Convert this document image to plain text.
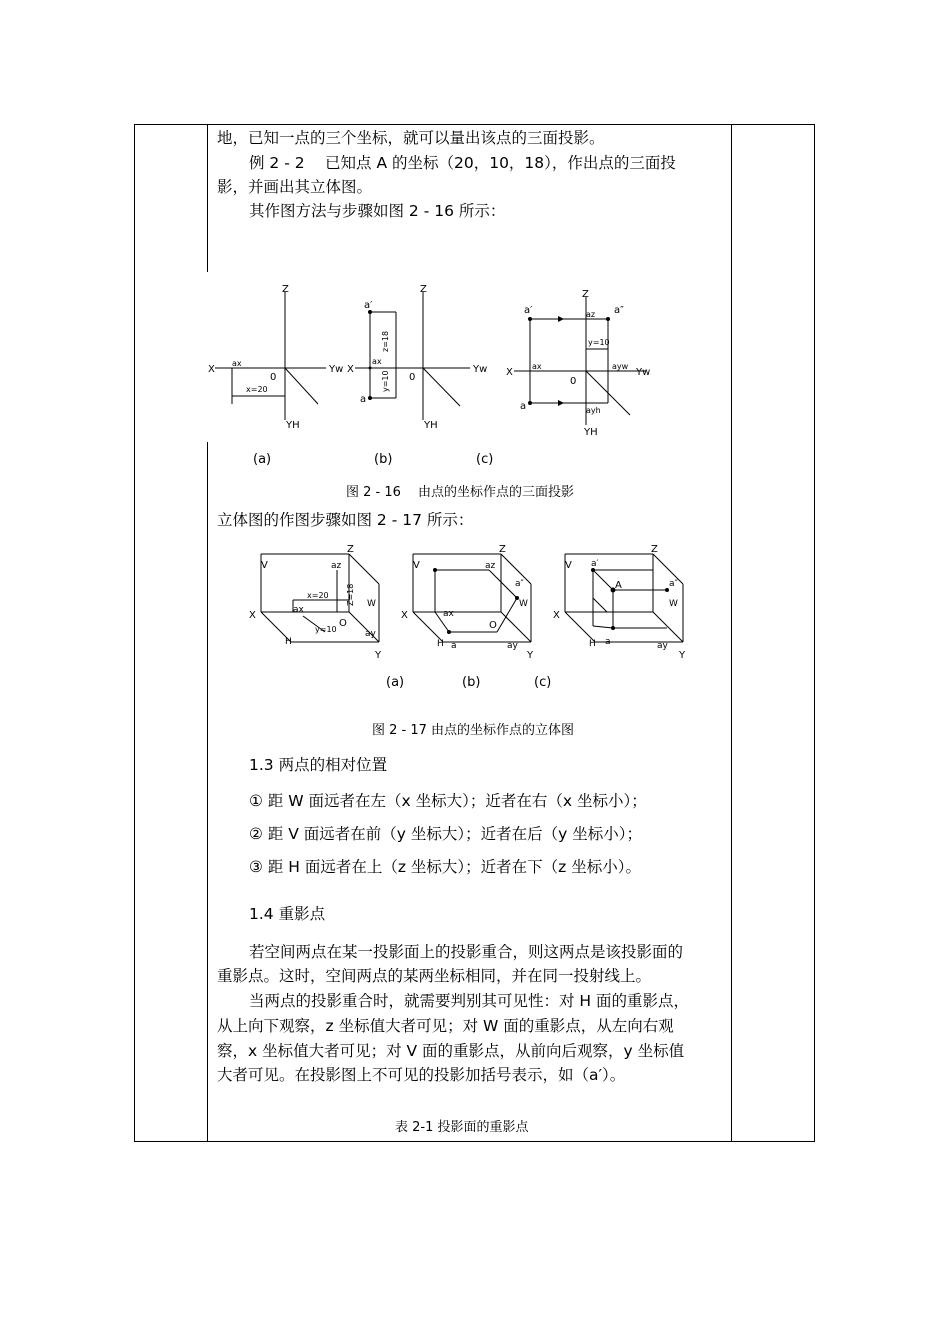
地，已知一点的三个坐标，就可以量出该点的三面投影。
例 2 - 2　 已知点 A 的坐标（20，10，18），作出点的三面投
影，并画出其立体图。
其作图方法与步骤如图 2 - 16 所示：
Z
X	Yw
YH
0
ax
x=20
Z
X	Yw
YH
0
a′
ax
a
z=18
y=10
Z
X	Yw
YH
0
a′	a″
az
ax
a
ayw
ayh
y=10
(a)	(b)	(c)
图 2 - 16　 由点的坐标作点的三面投影
立体图的作图步骤如图 2 - 17 所示：
V
Z
X
Y
O
az
ax
ay
W
H
x=20
y=10
Z=18
V
Z
X
Y
O
az
ax
a	ay
a″
W
H
V
Z
X
Y
a′
A	a″
a	ay
W
H
(a)	(b)	(c)
图 2 - 17 由点的坐标作点的立体图
1.3 两点的相对位置
① 距 W 面远者在左（x 坐标大）；近者在右（x 坐标小）；
② 距 V 面远者在前（y 坐标大）；近者在后（y 坐标小）；
③ 距 H 面远者在上（z 坐标大）；近者在下（z 坐标小）。
1.4 重影点
若空间两点在某一投影面上的投影重合，则这两点是该投影面的
重影点。这时，空间两点的某两坐标相同，并在同一投射线上。
当两点的投影重合时，就需要判别其可见性：对 H 面的重影点，
从上向下观察，z 坐标值大者可见；对 W 面的重影点，从左向右观
察，x 坐标值大者可见；对 V 面的重影点，从前向后观察，y 坐标值
大者可见。在投影图上不可见的投影加括号表示，如（a′）。
表 2-1 投影面的重影点
